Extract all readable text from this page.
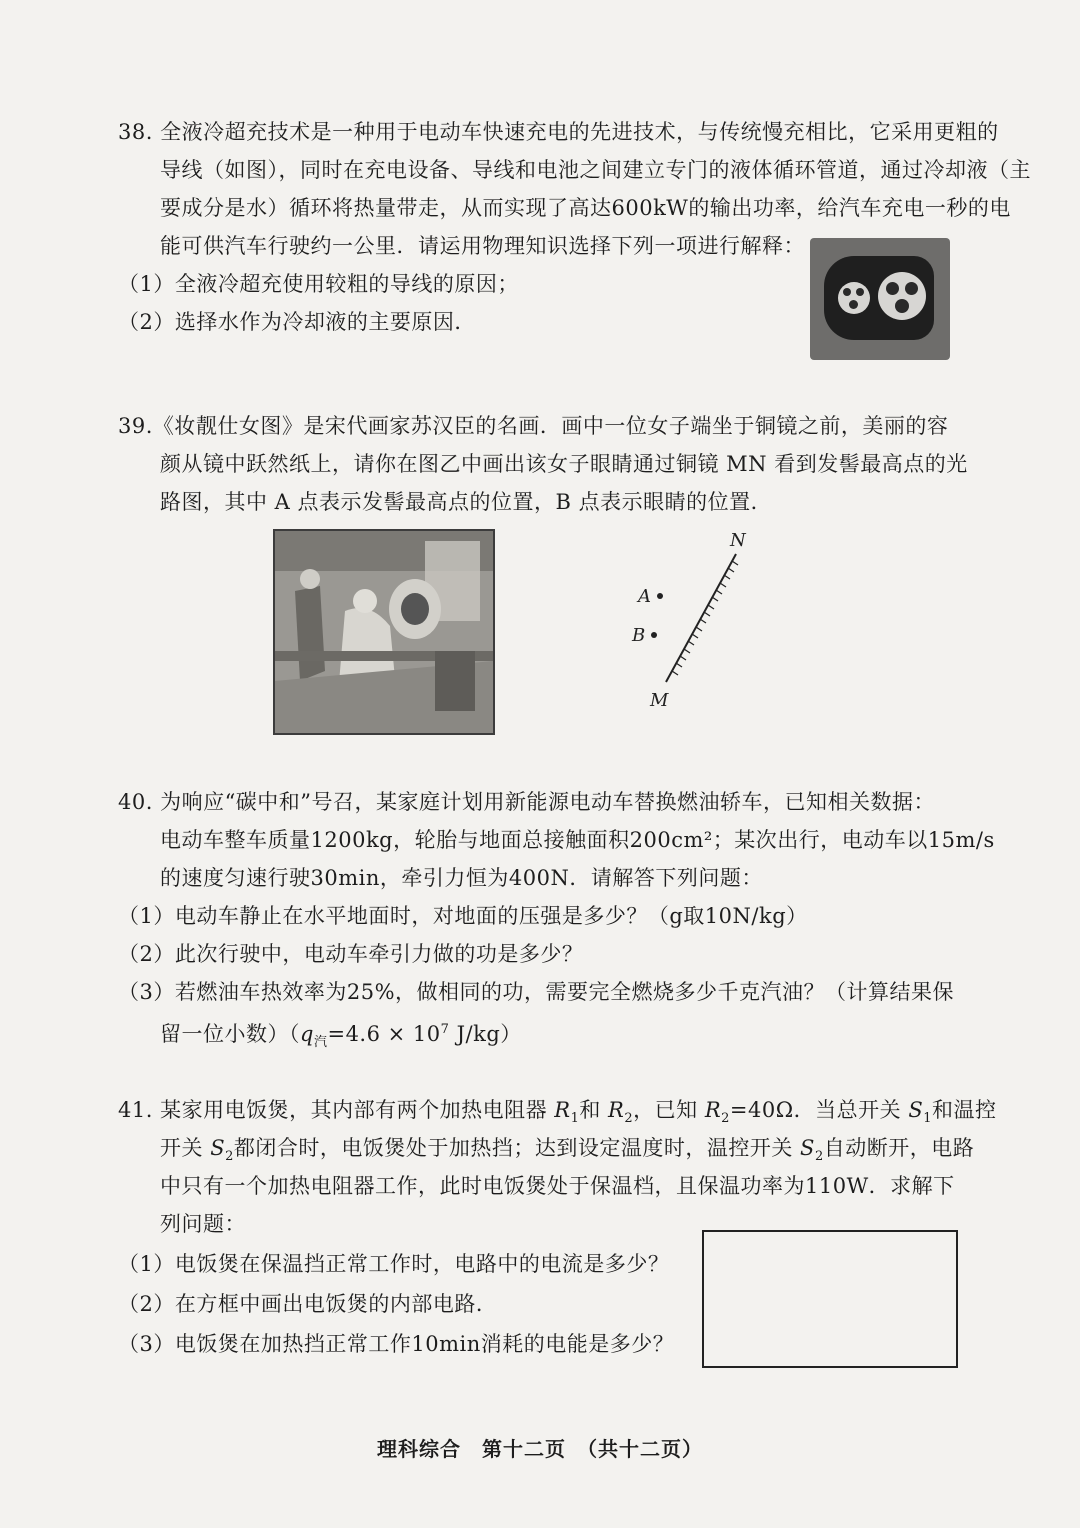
38. 全液冷超充技术是一种用于电动车快速充电的先进技术，与传统慢充相比，它采用更粗的
导线（如图），同时在充电设备、导线和电池之间建立专门的液体循环管道，通过冷却液（主
要成分是水）循环将热量带走，从而实现了高达600kW的输出功率，给汽车充电一秒的电
能可供汽车行驶约一公里．请运用物理知识选择下列一项进行解释：
（1）全液冷超充使用较粗的导线的原因；
（2）选择水作为冷却液的主要原因．
39.《妆靓仕女图》是宋代画家苏汉臣的名画．画中一位女子端坐于铜镜之前，美丽的容
颜从镜中跃然纸上，请你在图乙中画出该女子眼睛通过铜镜 MN 看到发髻最高点的光
路图，其中 A 点表示发髻最高点的位置，B 点表示眼睛的位置．
N
A
B
M
40. 为响应“碳中和”号召，某家庭计划用新能源电动车替换燃油轿车，已知相关数据：
电动车整车质量1200kg，轮胎与地面总接触面积200cm²；某次出行，电动车以15m/s
的速度匀速行驶30min，牵引力恒为400N．请解答下列问题：
（1）电动车静止在水平地面时，对地面的压强是多少？（g取10N/kg）
（2）此次行驶中，电动车牵引力做的功是多少？
（3）若燃油车热效率为25%，做相同的功，需要完全燃烧多少千克汽油？（计算结果保
留一位小数）（$q_汽=4.6 \times 10^7$ J/kg）
41. 某家用电饭煲，其内部有两个加热电阻器 $R_1$和 $R_2$，已知 $R_2=40\Omega$．当总开关 $S_1$和温控
开关 $S_2$都闭合时，电饭煲处于加热挡；达到设定温度时，温控开关 $S_2$自动断开，电路
中只有一个加热电阻器工作，此时电饭煲处于保温档，且保温功率为110W．求解下
列问题：
（1）电饭煲在保温挡正常工作时，电路中的电流是多少？
（2）在方框中画出电饭煲的内部电路．
（3）电饭煲在加热挡正常工作10min消耗的电能是多少？
理科综合　第十二页　（共十二页）
